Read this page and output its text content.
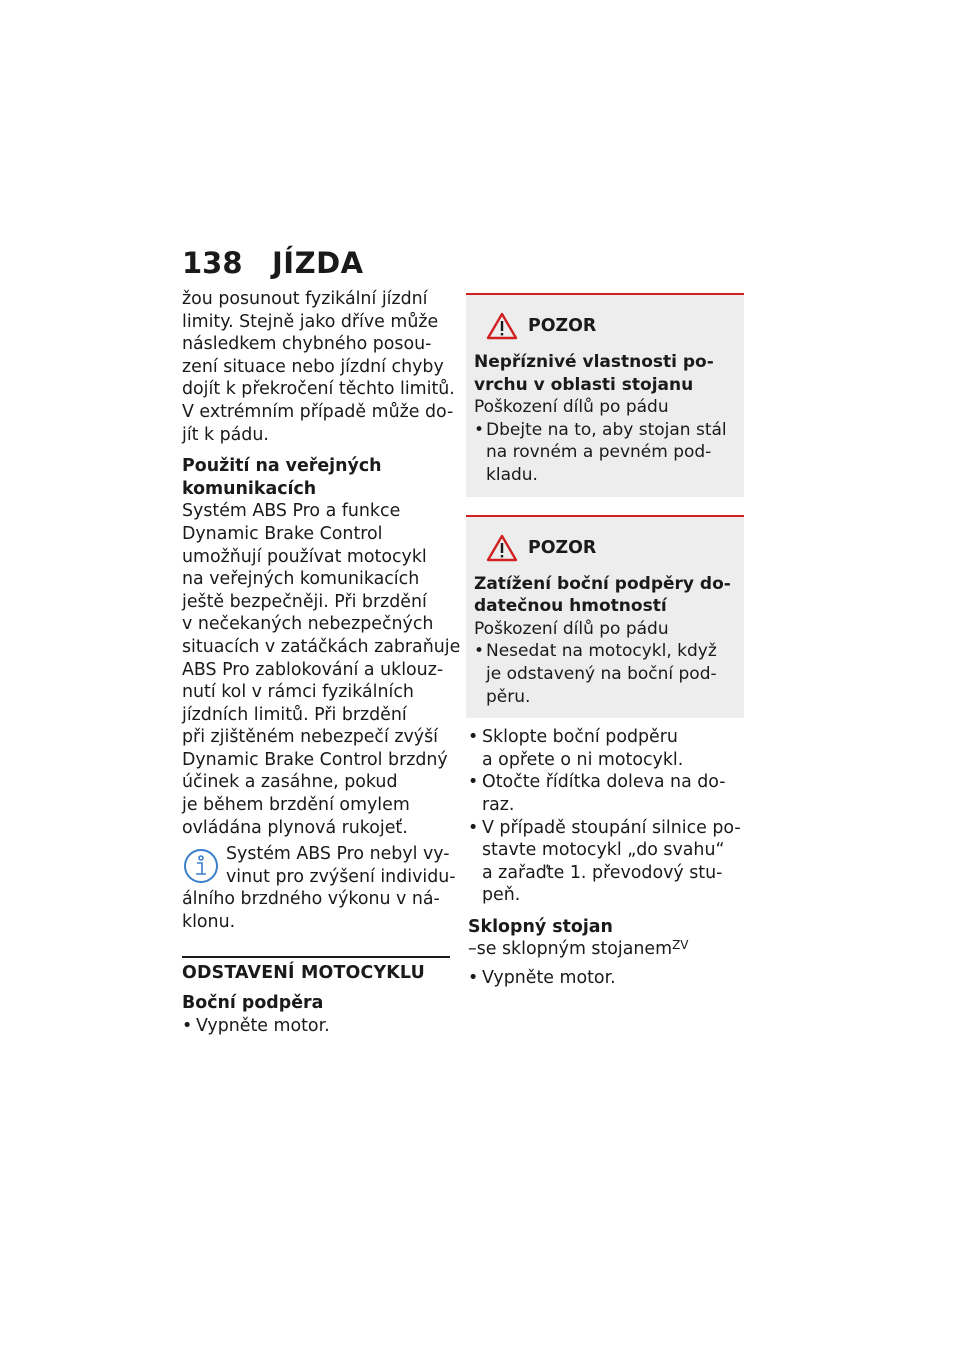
138	JÍZDA
žou posunout fyzikální jízdní
limity. Stejně jako dříve může
následkem chybného posou-
zení situace nebo jízdní chyby
dojít k překročení těchto limitů.
V extrémním případě může do-
jít k pádu.
Použití na veřejných
komunikacích
Systém ABS Pro a funkce
Dynamic Brake Control
umožňují používat motocykl
na veřejných komunikacích
ještě bezpečněji. Při brzdění
v nečekaných nebezpečných
situacích v zatáčkách zabraňuje
ABS Pro zablokování a uklouz-
nutí kol v rámci fyzikálních
jízdních limitů. Při brzdění
při zjištěném nebezpečí zvýší
Dynamic Brake Control brzdný
účinek a zasáhne, pokud
je během brzdění omylem
ovládána plynová rukojeť.
Systém ABS Pro nebyl vy-
vinut pro zvýšení individu-
álního brzdného výkonu v ná-
klonu.
ODSTAVENÍ MOTOCYKLU
Boční podpěra
• Vypněte motor.
POZOR
Nepříznivé vlastnosti po-
vrchu v oblasti stojanu
Poškození dílů po pádu
• Dbejte na to, aby stojan stál
na rovném a pevném pod-
kladu.
POZOR
Zatížení boční podpěry do-
datečnou hmotností
Poškození dílů po pádu
• Nesedat na motocykl, když
je odstavený na boční pod-
pěru.
• Sklopte boční podpěru
a opřete o ni motocykl.
• Otočte řídítka doleva na do-
raz.
• V případě stoupání silnice po-
stavte motocykl „do svahu“
a zařaďte 1. převodový stu-
peň.
Sklopný stojan
–se sklopným stojanem$^{ZV}$
• Vypněte motor.
